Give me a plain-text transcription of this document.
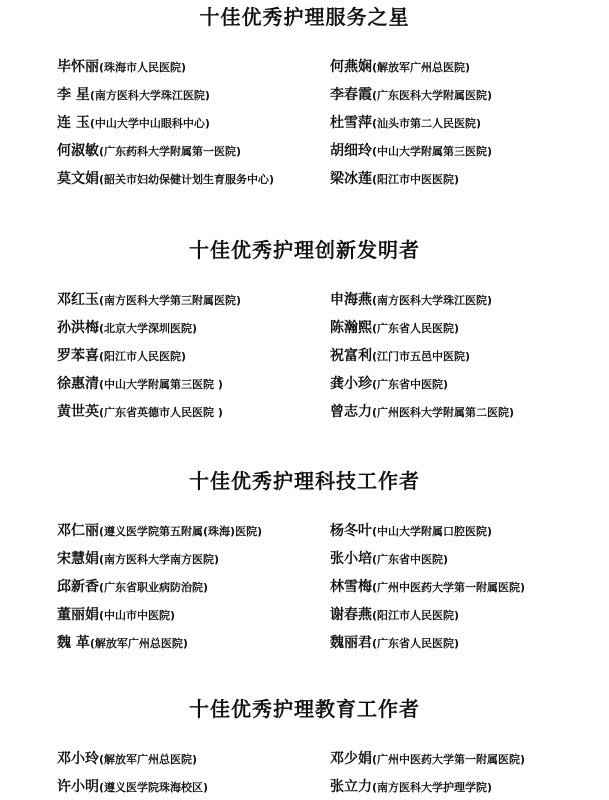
十佳优秀护理服务之星
毕怀丽(珠海市人民医院)	何燕娴(解放军广州总医院)
李 星(南方医科大学珠江医院)	李春霞(广东医科大学附属医院)
连 玉(中山大学中山眼科中心)	杜雪萍(汕头市第二人民医院)
何淑敏(广东药科大学附属第一医院)	胡细玲(中山大学附属第三医院)
莫文娟(韶关市妇幼保健计划生育服务中心)	梁冰莲(阳江市中医医院)
十佳优秀护理创新发明者
邓红玉(南方医科大学第三附属医院)	申海燕(南方医科大学珠江医院)
孙洪梅(北京大学深圳医院)	陈瀚熙(广东省人民医院)
罗苯喜(阳江市人民医院)	祝富利(江门市五邑中医院)
徐惠清(中山大学附属第三医院 )	龚小珍(广东省中医院)
黄世英(广东省英德市人民医院 )	曾志力(广州医科大学附属第二医院)
十佳优秀护理科技工作者
邓仁丽(遵义医学院第五附属(珠海)医院)	杨冬叶(中山大学附属口腔医院)
宋慧娟(南方医科大学南方医院)	张小培(广东省中医院)
邱新香(广东省职业病防治院)	林雪梅(广州中医药大学第一附属医院)
董丽娟(中山市中医院)	谢春燕(阳江市人民医院)
魏 革(解放军广州总医院)	魏丽君(广东省人民医院)
十佳优秀护理教育工作者
邓小玲(解放军广州总医院)	邓少娟(广州中医药大学第一附属医院)
许小明(遵义医学院珠海校区)	张立力(南方医科大学护理学院)
